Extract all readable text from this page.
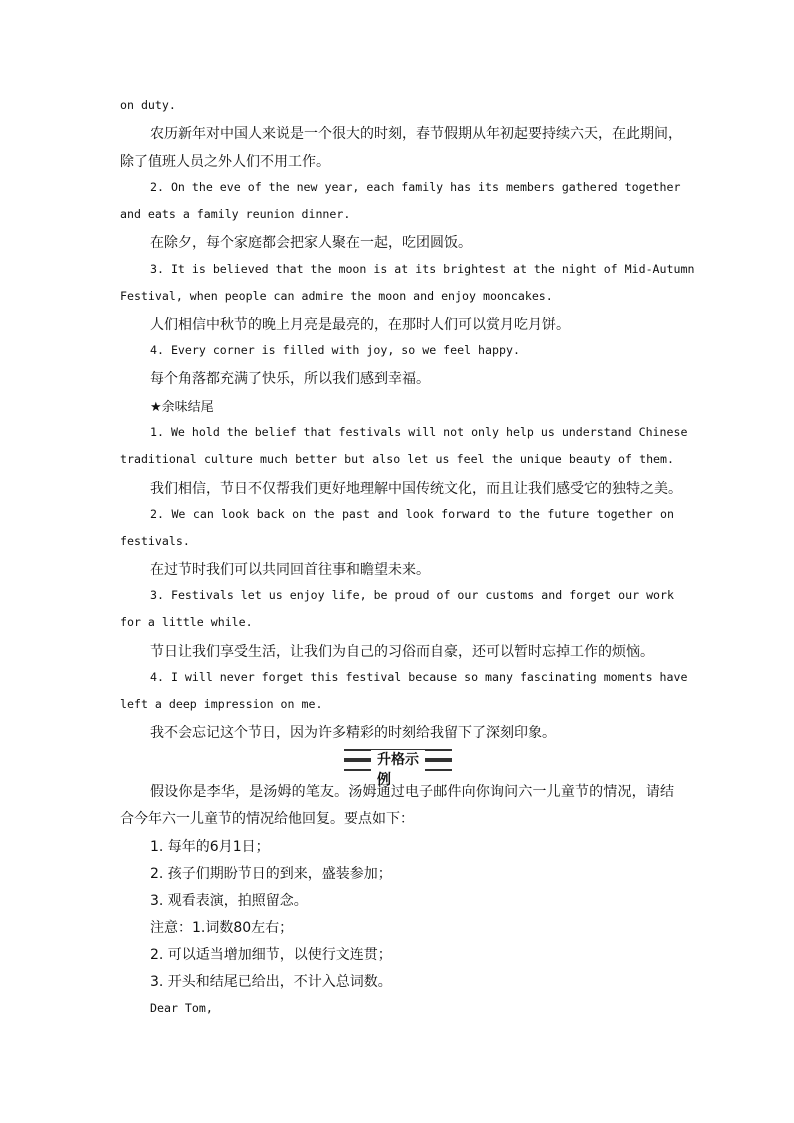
on duty.
农历新年对中国人来说是一个很大的时刻，春节假期从年初起要持续六天，在此期间，
除了值班人员之外人们不用工作。
2. On the eve of the new year, each family has its members gathered together
and eats a family reunion dinner.
在除夕，每个家庭都会把家人聚在一起，吃团圆饭。
3. It is believed that the moon is at its brightest at the night of Mid-Autumn
Festival, when people can admire the moon and enjoy mooncakes.
人们相信中秋节的晚上月亮是最亮的，在那时人们可以赏月吃月饼。
4. Every corner is filled with joy, so we feel happy.
每个角落都充满了快乐，所以我们感到幸福。
★余味结尾
1. We hold the belief that festivals will not only help us understand Chinese
traditional culture much better but also let us feel the unique beauty of them.
我们相信，节日不仅帮我们更好地理解中国传统文化，而且让我们感受它的独特之美。
2. We can look back on the past and look forward to the future together on
festivals.
在过节时我们可以共同回首往事和瞻望未来。
3. Festivals let us enjoy life, be proud of our customs and forget our work
for a little while.
节日让我们享受生活，让我们为自己的习俗而自豪，还可以暂时忘掉工作的烦恼。
4. I will never forget this festival because so many fascinating moments have
left a deep impression on me.
我不会忘记这个节日，因为许多精彩的时刻给我留下了深刻印象。
升格示例
假设你是李华，是汤姆的笔友。汤姆通过电子邮件向你询问六一儿童节的情况，请结
合今年六一儿童节的情况给他回复。要点如下：
1. 每年的6月1日；
2. 孩子们期盼节日的到来，盛装参加；
3. 观看表演，拍照留念。
注意：1.词数80左右；
2. 可以适当增加细节，以使行文连贯；
3. 开头和结尾已给出，不计入总词数。
Dear Tom,
